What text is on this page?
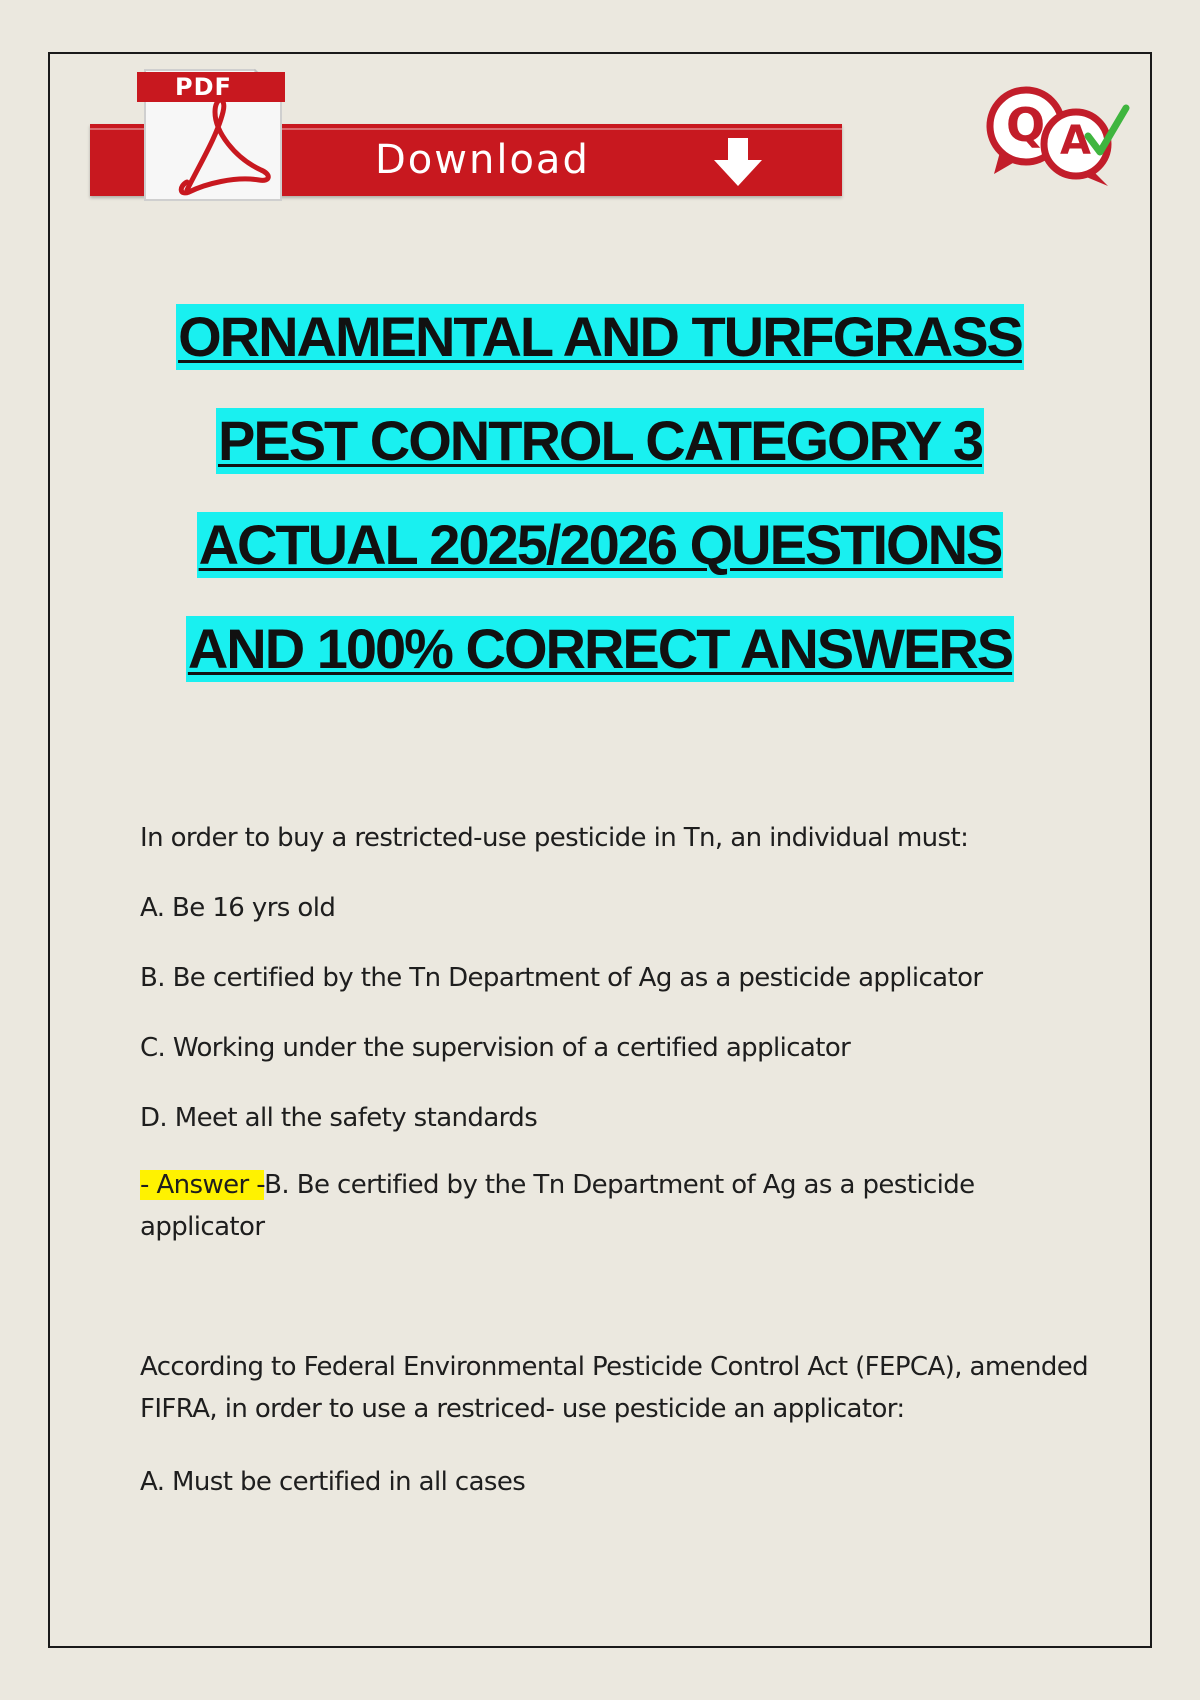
PDF
Download
Q A
ORNAMENTAL AND TURFGRASS
PEST CONTROL CATEGORY 3
ACTUAL 2025/2026 QUESTIONS
AND 100% CORRECT ANSWERS

In order to buy a restricted-use pesticide in Tn, an individual must:

A. Be 16 yrs old

B. Be certified by the Tn Department of Ag as a pesticide applicator

C. Working under the supervision of a certified applicator

D. Meet all the safety standards

- Answer -B. Be certified by the Tn Department of Ag as a pesticide applicator

According to Federal Environmental Pesticide Control Act (FEPCA), amended FIFRA, in order to use a restriced- use pesticide an applicator:

A. Must be certified in all cases
